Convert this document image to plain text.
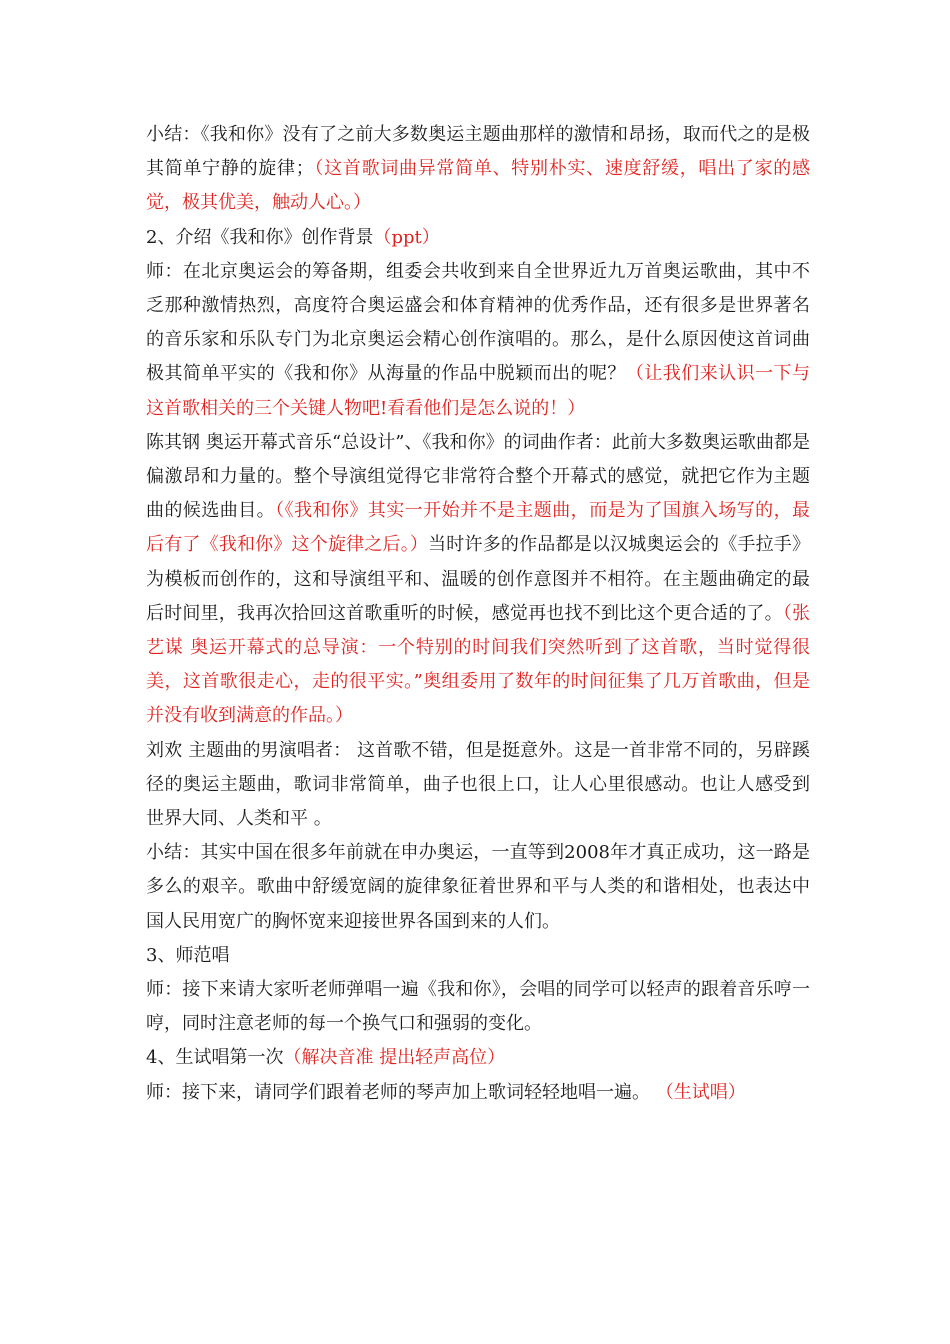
小结：《我和你》没有了之前大多数奥运主题曲那样的激情和昂扬，取而代之的是极其简单宁静的旋律；（这首歌词曲异常简单、特别朴实、速度舒缓，唱出了家的感觉，极其优美，触动人心。）

2、介绍《我和你》创作背景（ppt）

师：在北京奥运会的筹备期，组委会共收到来自全世界近九万首奥运歌曲，其中不乏那种激情热烈，高度符合奥运盛会和体育精神的优秀作品，还有很多是世界著名的音乐家和乐队专门为北京奥运会精心创作演唱的。那么，是什么原因使这首词曲极其简单平实的《我和你》从海量的作品中脱颖而出的呢？（让我们来认识一下与这首歌相关的三个关键人物吧!看看他们是怎么说的！）

陈其钢 奥运开幕式音乐“总设计”、《我和你》的词曲作者：此前大多数奥运歌曲都是偏激昂和力量的。整个导演组觉得它非常符合整个开幕式的感觉，就把它作为主题曲的候选曲目。（《我和你》其实一开始并不是主题曲，而是为了国旗入场写的，最后有了《我和你》这个旋律之后。）当时许多的作品都是以汉城奥运会的《手拉手》为模板而创作的，这和导演组平和、温暖的创作意图并不相符。在主题曲确定的最后时间里，我再次拾回这首歌重听的时候，感觉再也找不到比这个更合适的了。（张艺谋 奥运开幕式的总导演：一个特别的时间我们突然听到了这首歌，当时觉得很美，这首歌很走心，走的很平实。”奥组委用了数年的时间征集了几万首歌曲，但是并没有收到满意的作品。）

刘欢 主题曲的男演唱者： 这首歌不错，但是挺意外。这是一首非常不同的，另辟蹊径的奥运主题曲，歌词非常简单，曲子也很上口，让人心里很感动。也让人感受到世界大同、人类和平 。

小结：其实中国在很多年前就在申办奥运，一直等到2008年才真正成功，这一路是多么的艰辛。歌曲中舒缓宽阔的旋律象征着世界和平与人类的和谐相处，也表达中国人民用宽广的胸怀宽来迎接世界各国到来的人们。

3、师范唱

师：接下来请大家听老师弹唱一遍《我和你》，会唱的同学可以轻声的跟着音乐哼一哼，同时注意老师的每一个换气口和强弱的变化。

4、生试唱第一次（解决音准 提出轻声高位）

师：接下来，请同学们跟着老师的琴声加上歌词轻轻地唱一遍。 （生试唱）
